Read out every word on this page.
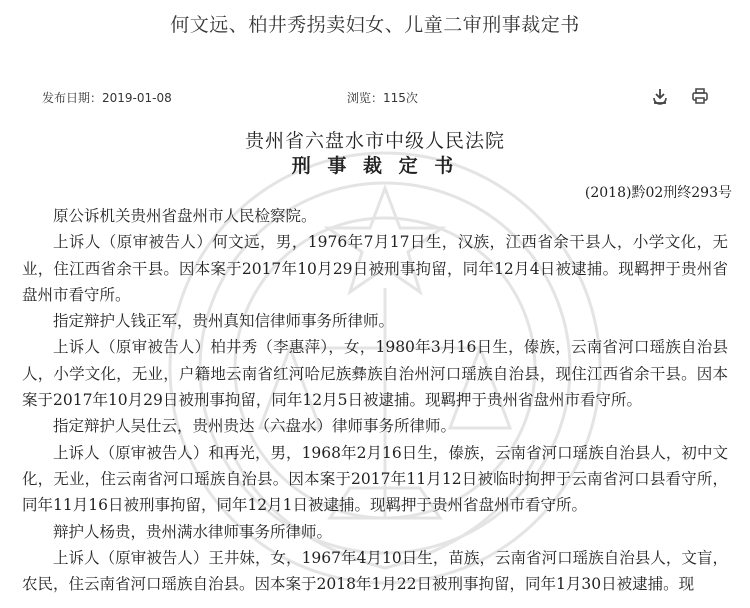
何文远、柏井秀拐卖妇女、儿童二审刑事裁定书
发布日期：2019-01-08	浏览：115次
贵州省六盘水市中级人民法院
刑 事 裁 定 书
(2018)黔02刑终293号

原公诉机关贵州省盘州市人民检察院。

上诉人（原审被告人）何文远，男，1976年7月17日生，汉族，江西省余干县人，小学文化，无业，住江西省余干县。因本案于2017年10月29日被刑事拘留，同年12月4日被逮捕。现羁押于贵州省盘州市看守所。

指定辩护人钱正军，贵州真知信律师事务所律师。

上诉人（原审被告人）柏井秀（李惠萍），女，1980年3月16日生，傣族，云南省河口瑶族自治县人，小学文化，无业，户籍地云南省红河哈尼族彝族自治州河口瑶族自治县，现住江西省余干县。因本案于2017年10月29日被刑事拘留，同年12月5日被逮捕。现羁押于贵州省盘州市看守所。

指定辩护人吴仕云，贵州贵达（六盘水）律师事务所律师。

上诉人（原审被告人）和再光，男，1968年2月16日生，傣族，云南省河口瑶族自治县人，初中文化，无业，住云南省河口瑶族自治县。因本案于2017年11月12日被临时拘押于云南省河口县看守所，同年11月16日被刑事拘留，同年12月1日被逮捕。现羁押于贵州省盘州市看守所。

辩护人杨贵，贵州满水律师事务所律师。

上诉人（原审被告人）王井妹，女，1967年4月10日生，苗族，云南省河口瑶族自治县人，文盲，农民，住云南省河口瑶族自治县。因本案于2018年1月22日被刑事拘留，同年1月30日被逮捕。现
